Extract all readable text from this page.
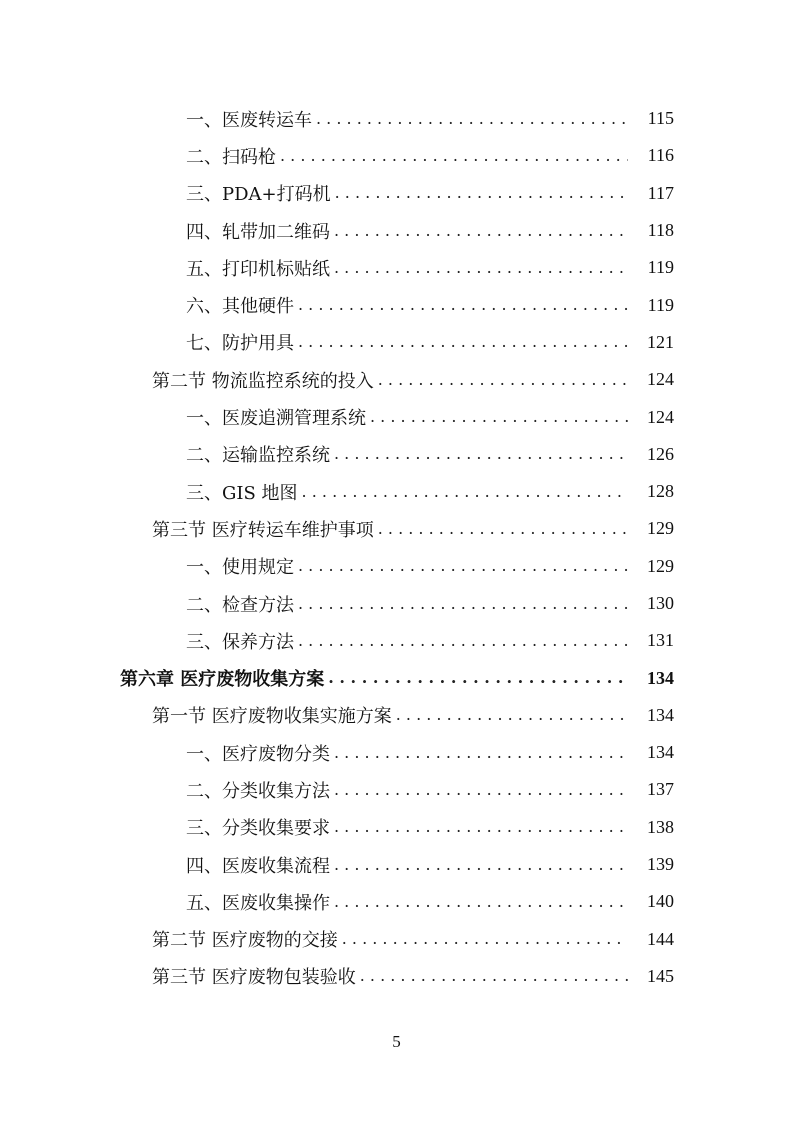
一、医废转运车 . . .	115
二、扫码枪 . . .	116
三、PDA+打码机 . . .	117
四、轧带加二维码 . . .	118
五、打印机标贴纸 . . .	119
六、其他硬件 . . .	119
七、防护用具 . . .	121
第二节 物流监控系统的投入 . . .	124
一、医废追溯管理系统 . . .	124
二、运输监控系统 . . .	126
三、GIS 地图 . . .	128
第三节 医疗转运车维护事项 . . .	129
一、使用规定 . . .	129
二、检查方法 . . .	130
三、保养方法 . . .	131
第六章 医疗废物收集方案 . . .	134
第一节 医疗废物收集实施方案 . . .	134
一、医疗废物分类 . . .	134
二、分类收集方法 . . .	137
三、分类收集要求 . . .	138
四、医废收集流程 . . .	139
五、医废收集操作 . . .	140
第二节 医疗废物的交接 . . .	144
第三节 医疗废物包装验收 . . .	145
5
